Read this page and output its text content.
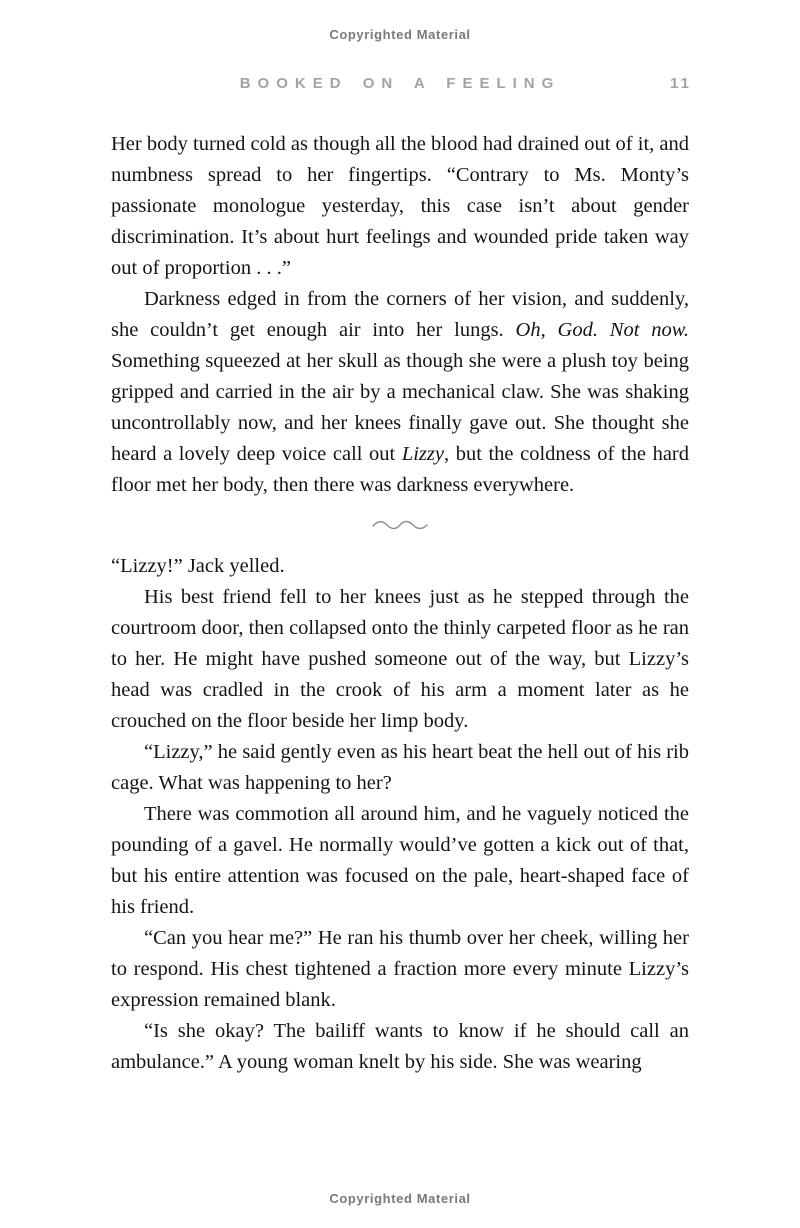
Copyrighted Material
BOOKED ON A FEELING	11

Her body turned cold as though all the blood had drained out of it, and numbness spread to her fingertips. “Contrary to Ms. Monty’s passionate monologue yesterday, this case isn’t about gender discrimination. It’s about hurt feelings and wounded pride taken way out of proportion . . .”

Darkness edged in from the corners of her vision, and suddenly, she couldn’t get enough air into her lungs. Oh, God. Not now. Something squeezed at her skull as though she were a plush toy being gripped and carried in the air by a mechanical claw. She was shaking uncontrollably now, and her knees finally gave out. She thought she heard a lovely deep voice call out Lizzy, but the coldness of the hard floor met her body, then there was darkness everywhere.

“Lizzy!” Jack yelled.

His best friend fell to her knees just as he stepped through the courtroom door, then collapsed onto the thinly carpeted floor as he ran to her. He might have pushed someone out of the way, but Lizzy’s head was cradled in the crook of his arm a moment later as he crouched on the floor beside her limp body.

“Lizzy,” he said gently even as his heart beat the hell out of his rib cage. What was happening to her?

There was commotion all around him, and he vaguely noticed the pounding of a gavel. He normally would’ve gotten a kick out of that, but his entire attention was focused on the pale, heart-shaped face of his friend.

“Can you hear me?” He ran his thumb over her cheek, willing her to respond. His chest tightened a fraction more every minute Lizzy’s expression remained blank.

“Is she okay? The bailiff wants to know if he should call an ambulance.” A young woman knelt by his side. She was wearing

Copyrighted Material
